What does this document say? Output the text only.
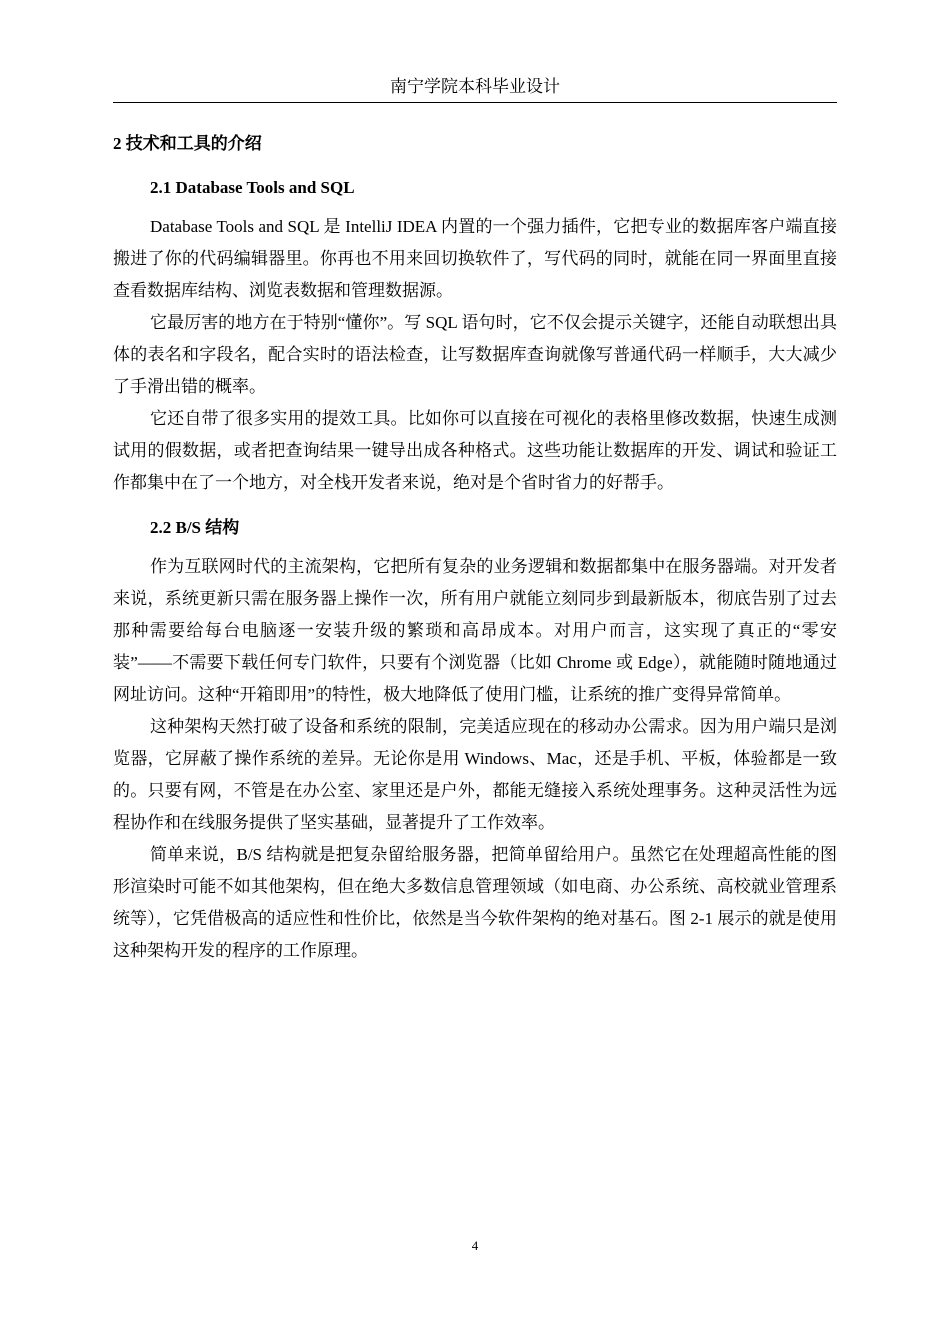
南宁学院本科毕业设计
2 技术和工具的介绍
2.1 Database Tools and SQL

Database Tools and SQL 是 IntelliJ IDEA 内置的一个强力插件，它把专业的数据库客户端直接搬进了你的代码编辑器里。你再也不用来回切换软件了，写代码的同时，就能在同一界面里直接查看数据库结构、浏览表数据和管理数据源。

它最厉害的地方在于特别“懂你”。写 SQL 语句时，它不仅会提示关键字，还能自动联想出具体的表名和字段名，配合实时的语法检查，让写数据库查询就像写普通代码一样顺手，大大减少了手滑出错的概率。

它还自带了很多实用的提效工具。比如你可以直接在可视化的表格里修改数据，快速生成测试用的假数据，或者把查询结果一键导出成各种格式。这些功能让数据库的开发、调试和验证工作都集中在了一个地方，对全栈开发者来说，绝对是个省时省力的好帮手。

2.2 B/S 结构

作为互联网时代的主流架构，它把所有复杂的业务逻辑和数据都集中在服务器端。对开发者来说，系统更新只需在服务器上操作一次，所有用户就能立刻同步到最新版本，彻底告别了过去那种需要给每台电脑逐一安装升级的繁琐和高昂成本。对用户而言，这实现了真正的“零安装”——不需要下载任何专门软件，只要有个浏览器（比如 Chrome 或 Edge），就能随时随地通过网址访问。这种“开箱即用”的特性，极大地降低了使用门槛，让系统的推广变得异常简单。

这种架构天然打破了设备和系统的限制，完美适应现在的移动办公需求。因为用户端只是浏览器，它屏蔽了操作系统的差异。无论你是用 Windows、Mac，还是手机、平板，体验都是一致的。只要有网，不管是在办公室、家里还是户外，都能无缝接入系统处理事务。这种灵活性为远程协作和在线服务提供了坚实基础，显著提升了工作效率。

简单来说，B/S 结构就是把复杂留给服务器，把简单留给用户。虽然它在处理超高性能的图形渲染时可能不如其他架构，但在绝大多数信息管理领域（如电商、办公系统、高校就业管理系统等），它凭借极高的适应性和性价比，依然是当今软件架构的绝对基石。图 2-1 展示的就是使用这种架构开发的程序的工作原理。

4
